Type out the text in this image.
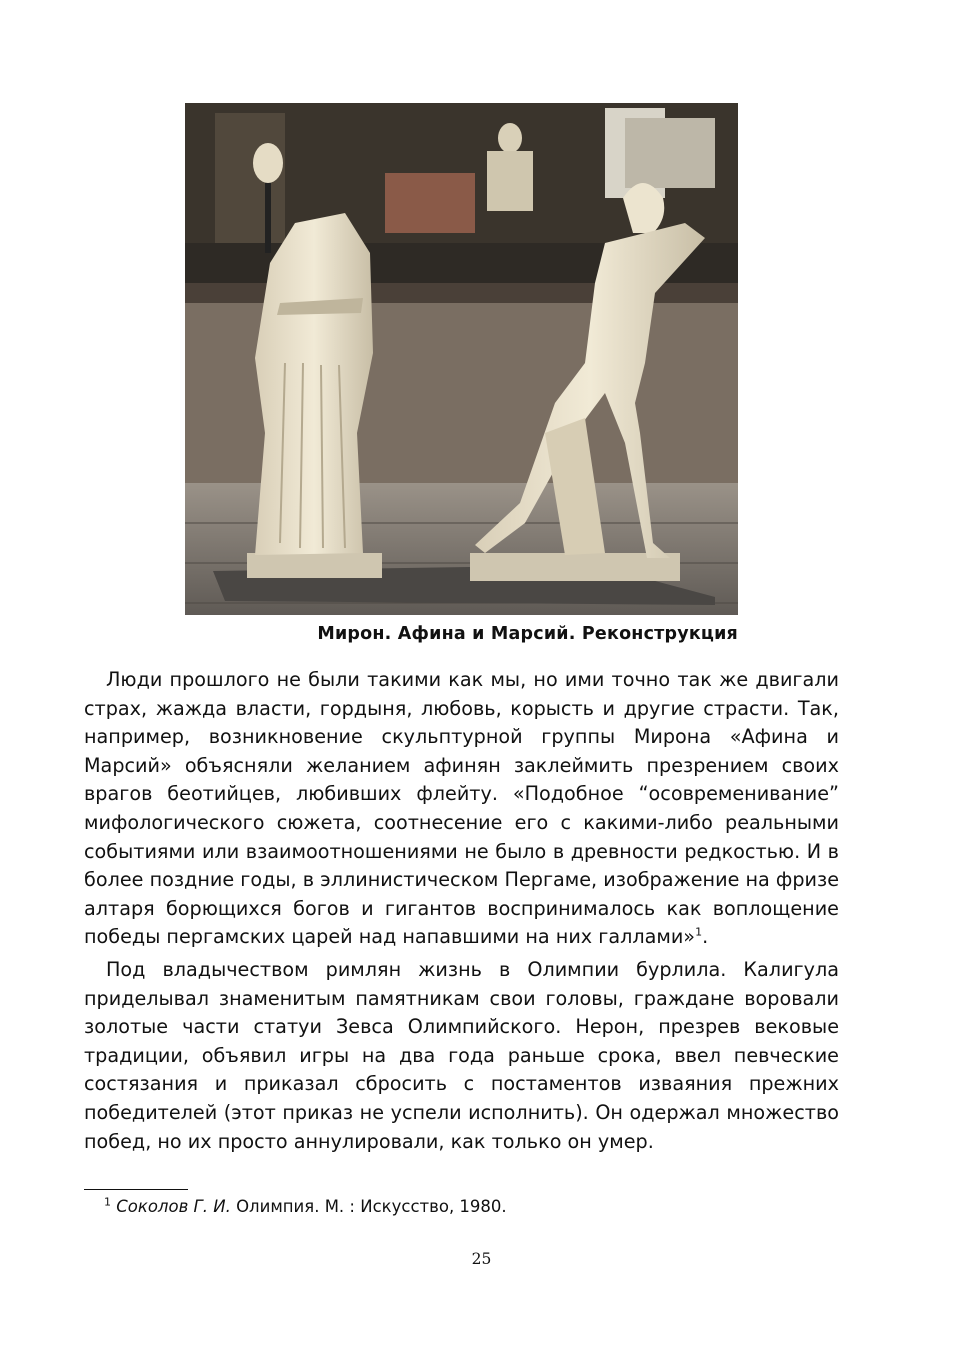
Мирон. Афина и Марсий. Реконструкция

Люди прошлого не были такими как мы, но ими точно так же двигали страх, жажда власти, гордыня, любовь, корысть и другие страсти. Так, например, возникновение скульптурной группы Мирона «Афина и Марсий» объясняли желанием афинян заклеймить презрением своих врагов беотийцев, любивших флейту. «Подобное “осовременивание” мифологического сюжета, соотнесение его с какими-либо реальными событиями или взаимоотношениями не было в древности редкостью. И в более поздние годы, в эллинистическом Пергаме, изображение на фризе алтаря борющихся богов и гигантов воспринималось как воплощение победы пергамских царей над напавшими на них галлами»$^1$.

Под владычеством римлян жизнь в Олимпии бурлила. Калигула приделывал знаменитым памятникам свои головы, граждане воровали золотые части статуи Зевса Олимпийского. Нерон, презрев вековые традиции, объявил игры на два года раньше срока, ввел певческие состязания и приказал сбросить с постаментов изваяния прежних победителей (этот приказ не успели исполнить). Он одержал множество побед, но их просто аннулировали, как только он умер.

$^1$ Соколов Г. И. Олимпия. М. : Искусство, 1980.
25
